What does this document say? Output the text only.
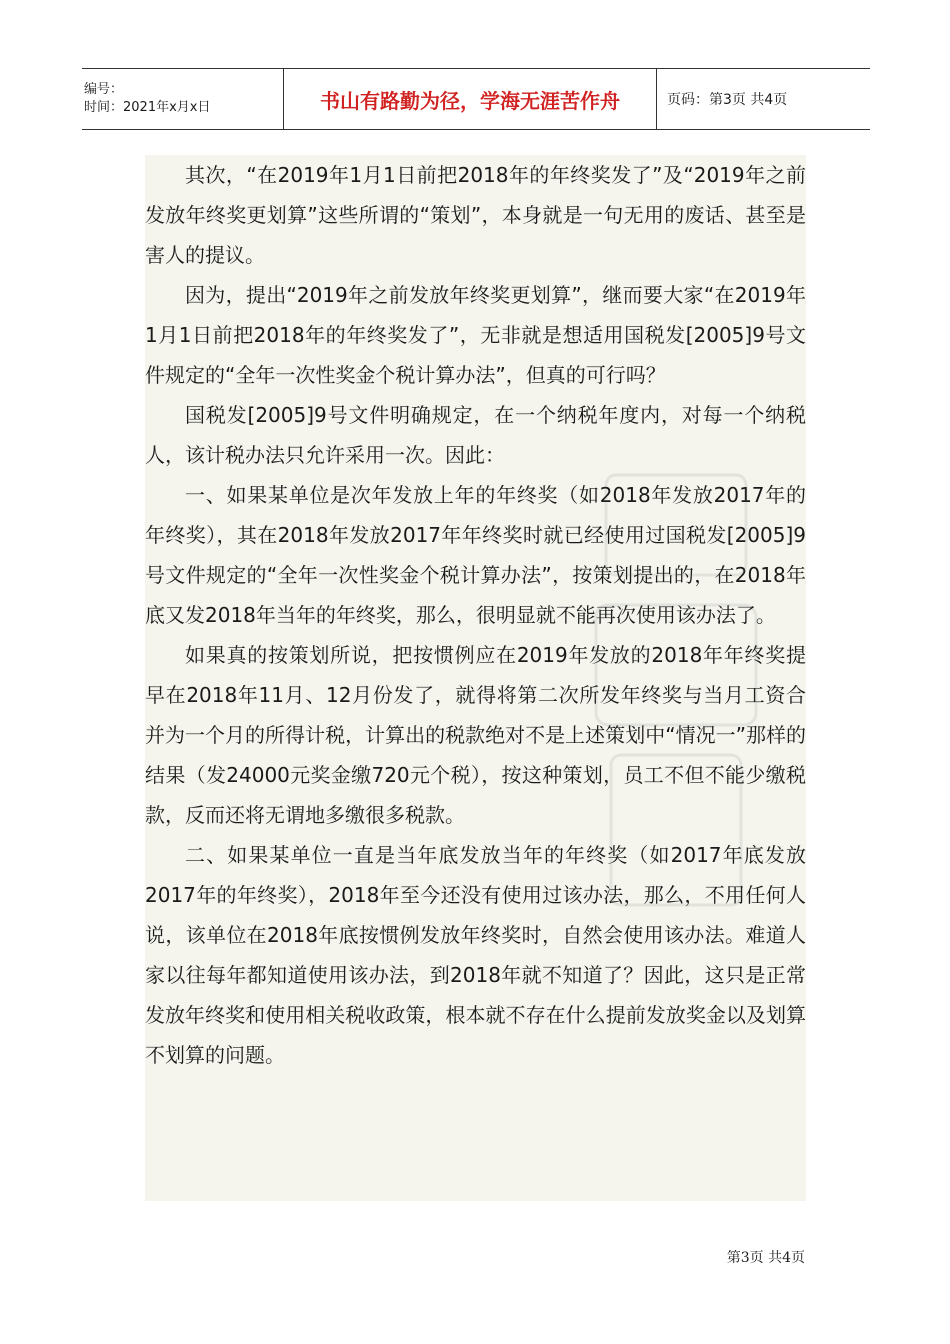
编号：
时间：2021年x月x日	书山有路勤为径，学海无涯苦作舟	页码：第3页 共4页

其次，“在2019年1月1日前把2018年的年终奖发了”及“2019年之前发放年终奖更划算”这些所谓的“策划”，本身就是一句无用的废话、甚至是害人的提议。

因为，提出“2019年之前发放年终奖更划算”，继而要大家“在2019年1月1日前把2018年的年终奖发了”，无非就是想适用国税发[2005]9号文件规定的“全年一次性奖金个税计算办法”，但真的可行吗？

国税发[2005]9号文件明确规定，在一个纳税年度内，对每一个纳税人，该计税办法只允许采用一次。因此：

一、如果某单位是次年发放上年的年终奖（如2018年发放2017年的年终奖），其在2018年发放2017年年终奖时就已经使用过国税发[2005]9号文件规定的“全年一次性奖金个税计算办法”，按策划提出的，在2018年底又发2018年当年的年终奖，那么，很明显就不能再次使用该办法了。

如果真的按策划所说，把按惯例应在2019年发放的2018年年终奖提早在2018年11月、12月份发了，就得将第二次所发年终奖与当月工资合并为一个月的所得计税，计算出的税款绝对不是上述策划中“情况一”那样的结果（发24000元奖金缴720元个税），按这种策划，员工不但不能少缴税款，反而还将无谓地多缴很多税款。

二、如果某单位一直是当年底发放当年的年终奖（如2017年底发放2017年的年终奖），2018年至今还没有使用过该办法，那么，不用任何人说，该单位在2018年底按惯例发放年终奖时，自然会使用该办法。难道人家以往每年都知道使用该办法，到2018年就不知道了？因此，这只是正常发放年终奖和使用相关税收政策，根本就不存在什么提前发放奖金以及划算不划算的问题。

第3页 共4页
